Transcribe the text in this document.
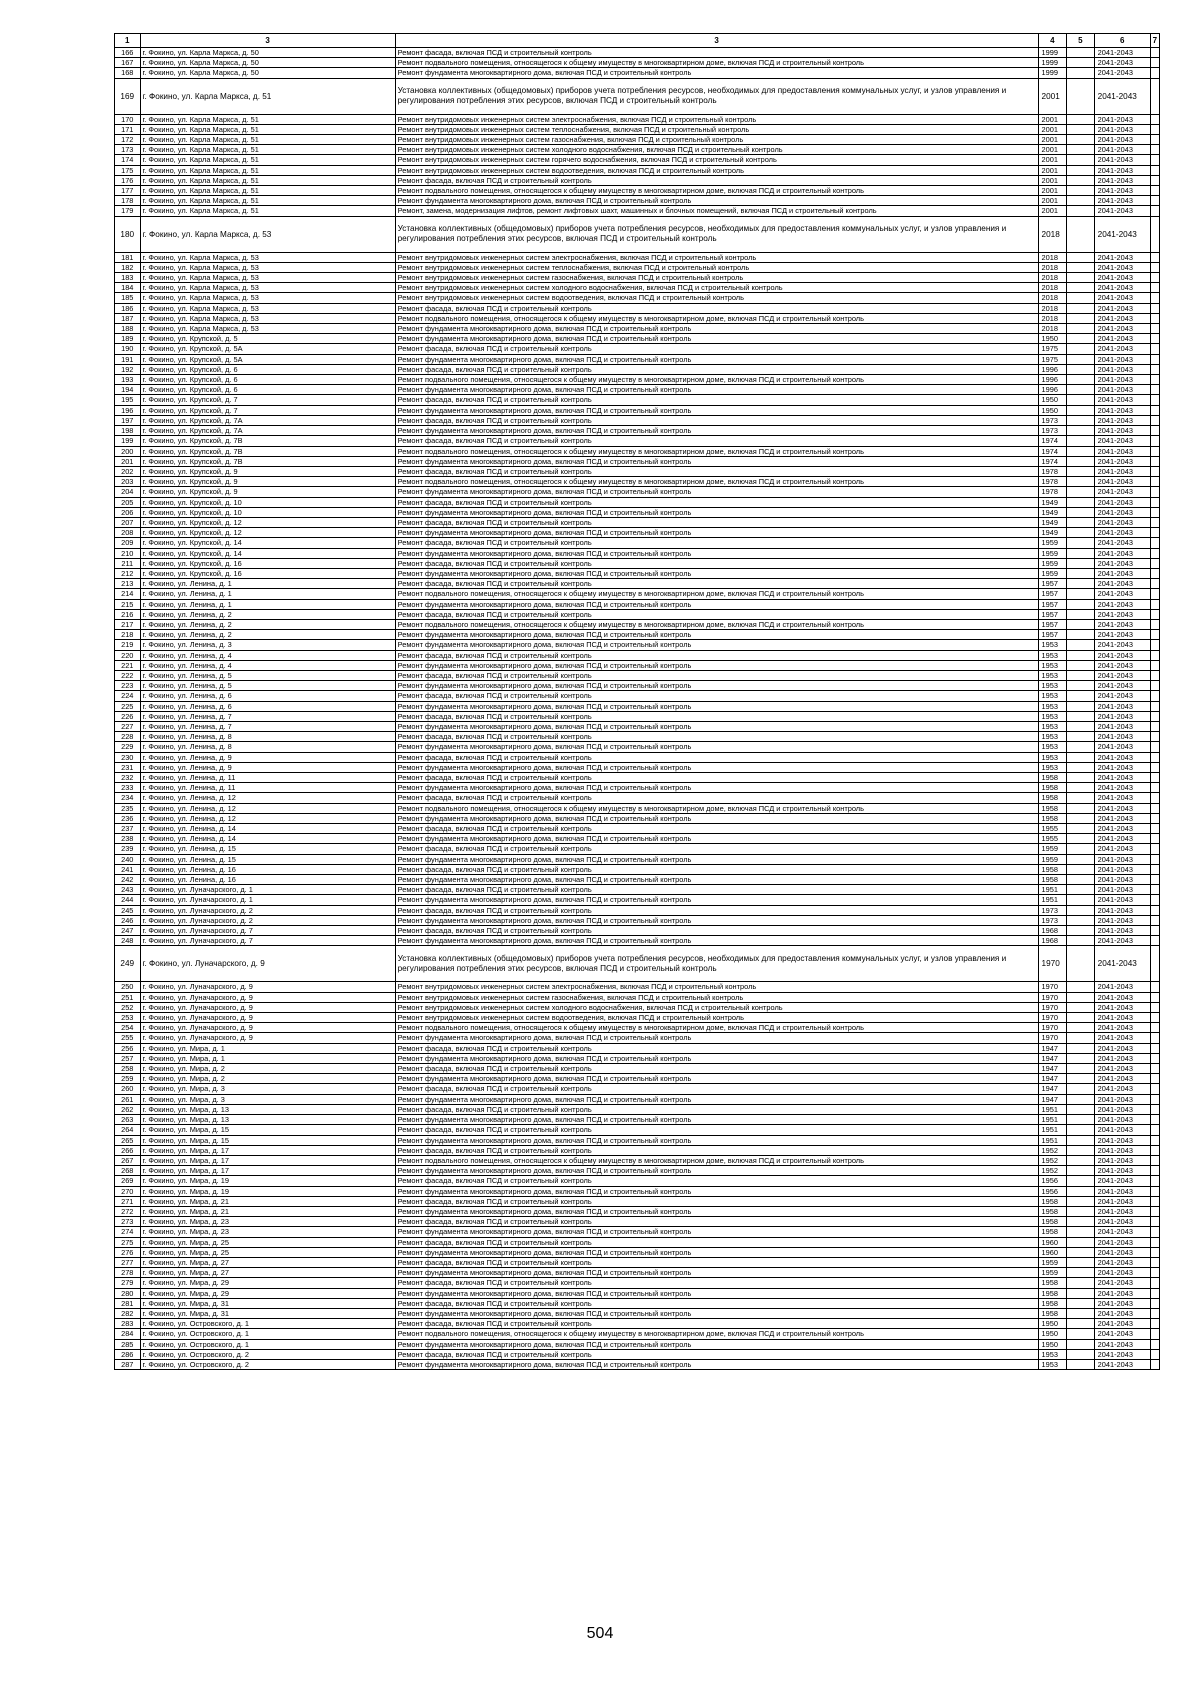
1	3	3	4	5	6	7
166	г. Фокино, ул. Карла Маркса, д. 50	Ремонт фасада, включая ПСД и строительный контроль	1999		2041-2043	
167	г. Фокино, ул. Карла Маркса, д. 50	Ремонт подвального помещения, относящегося к общему имуществу в многоквартирном доме, включая ПСД и строительный контроль	1999		2041-2043	
168	г. Фокино, ул. Карла Маркса, д. 50	Ремонт фундамента многоквартирного дома, включая ПСД и строительный контроль	1999		2041-2043	
169	г. Фокино, ул. Карла Маркса, д. 51	Установка коллективных (общедомовых) приборов учета потребления ресурсов, необходимых для предоставления коммунальных услуг, и узлов управления и регулирования потребления этих ресурсов, включая ПСД и строительный контроль	2001		2041-2043	
170	г. Фокино, ул. Карла Маркса, д. 51	Ремонт внутридомовых инженерных систем электроснабжения, включая ПСД и строительный контроль	2001		2041-2043	
171	г. Фокино, ул. Карла Маркса, д. 51	Ремонт внутридомовых инженерных систем теплоснабжения, включая ПСД и строительный контроль	2001		2041-2043	
172	г. Фокино, ул. Карла Маркса, д. 51	Ремонт внутридомовых инженерных систем газоснабжения, включая ПСД и строительный контроль	2001		2041-2043	
173	г. Фокино, ул. Карла Маркса, д. 51	Ремонт внутридомовых инженерных систем холодного водоснабжения, включая ПСД и строительный контроль	2001		2041-2043	
174	г. Фокино, ул. Карла Маркса, д. 51	Ремонт внутридомовых инженерных систем горячего водоснабжения, включая ПСД и строительный контроль	2001		2041-2043	
175	г. Фокино, ул. Карла Маркса, д. 51	Ремонт внутридомовых инженерных систем водоотведения, включая ПСД и строительный контроль	2001		2041-2043	
176	г. Фокино, ул. Карла Маркса, д. 51	Ремонт фасада, включая ПСД и строительный контроль	2001		2041-2043	
177	г. Фокино, ул. Карла Маркса, д. 51	Ремонт подвального помещения, относящегося к общему имуществу в многоквартирном доме, включая ПСД и строительный контроль	2001		2041-2043	
178	г. Фокино, ул. Карла Маркса, д. 51	Ремонт фундамента многоквартирного дома, включая ПСД и строительный контроль	2001		2041-2043	
179	г. Фокино, ул. Карла Маркса, д. 51	Ремонт, замена, модернизация лифтов, ремонт лифтовых шахт, машинных и блочных помещений, включая ПСД и строительный контроль	2001		2041-2043	
180	г. Фокино, ул. Карла Маркса, д. 53	Установка коллективных (общедомовых) приборов учета потребления ресурсов, необходимых для предоставления коммунальных услуг, и узлов управления и регулирования потребления этих ресурсов, включая ПСД и строительный контроль	2018		2041-2043	
181	г. Фокино, ул. Карла Маркса, д. 53	Ремонт внутридомовых инженерных систем электроснабжения, включая ПСД и строительный контроль	2018		2041-2043	
182	г. Фокино, ул. Карла Маркса, д. 53	Ремонт внутридомовых инженерных систем теплоснабжения, включая ПСД и строительный контроль	2018		2041-2043	
183	г. Фокино, ул. Карла Маркса, д. 53	Ремонт внутридомовых инженерных систем газоснабжения, включая ПСД и строительный контроль	2018		2041-2043	
184	г. Фокино, ул. Карла Маркса, д. 53	Ремонт внутридомовых инженерных систем холодного водоснабжения, включая ПСД и строительный контроль	2018		2041-2043	
185	г. Фокино, ул. Карла Маркса, д. 53	Ремонт внутридомовых инженерных систем водоотведения, включая ПСД и строительный контроль	2018		2041-2043	
186	г. Фокино, ул. Карла Маркса, д. 53	Ремонт фасада, включая ПСД и строительный контроль	2018		2041-2043	
187	г. Фокино, ул. Карла Маркса, д. 53	Ремонт подвального помещения, относящегося к общему имуществу в многоквартирном доме, включая ПСД и строительный контроль	2018		2041-2043	
188	г. Фокино, ул. Карла Маркса, д. 53	Ремонт фундамента многоквартирного дома, включая ПСД и строительный контроль	2018		2041-2043	
189	г. Фокино, ул. Крупской, д. 5	Ремонт фундамента многоквартирного дома, включая ПСД и строительный контроль	1950		2041-2043	
190	г. Фокино, ул. Крупской, д. 5А	Ремонт фасада, включая ПСД и строительный контроль	1975		2041-2043	
191	г. Фокино, ул. Крупской, д. 5А	Ремонт фундамента многоквартирного дома, включая ПСД и строительный контроль	1975		2041-2043	
192	г. Фокино, ул. Крупской, д. 6	Ремонт фасада, включая ПСД и строительный контроль	1996		2041-2043	
193	г. Фокино, ул. Крупской, д. 6	Ремонт подвального помещения, относящегося к общему имуществу в многоквартирном доме, включая ПСД и строительный контроль	1996		2041-2043	
194	г. Фокино, ул. Крупской, д. 6	Ремонт фундамента многоквартирного дома, включая ПСД и строительный контроль	1996		2041-2043	
195	г. Фокино, ул. Крупской, д. 7	Ремонт фасада, включая ПСД и строительный контроль	1950		2041-2043	
196	г. Фокино, ул. Крупской, д. 7	Ремонт фундамента многоквартирного дома, включая ПСД и строительный контроль	1950		2041-2043	
197	г. Фокино, ул. Крупской, д. 7А	Ремонт фасада, включая ПСД и строительный контроль	1973		2041-2043	
198	г. Фокино, ул. Крупской, д. 7А	Ремонт фундамента многоквартирного дома, включая ПСД и строительный контроль	1973		2041-2043	
199	г. Фокино, ул. Крупской, д. 7В	Ремонт фасада, включая ПСД и строительный контроль	1974		2041-2043	
200	г. Фокино, ул. Крупской, д. 7В	Ремонт подвального помещения, относящегося к общему имуществу в многоквартирном доме, включая ПСД и строительный контроль	1974		2041-2043	
201	г. Фокино, ул. Крупской, д. 7В	Ремонт фундамента многоквартирного дома, включая ПСД и строительный контроль	1974		2041-2043	
202	г. Фокино, ул. Крупской, д. 9	Ремонт фасада, включая ПСД и строительный контроль	1978		2041-2043	
203	г. Фокино, ул. Крупской, д. 9	Ремонт подвального помещения, относящегося к общему имуществу в многоквартирном доме, включая ПСД и строительный контроль	1978		2041-2043	
204	г. Фокино, ул. Крупской, д. 9	Ремонт фундамента многоквартирного дома, включая ПСД и строительный контроль	1978		2041-2043	
205	г. Фокино, ул. Крупской, д. 10	Ремонт фасада, включая ПСД и строительный контроль	1949		2041-2043	
206	г. Фокино, ул. Крупской, д. 10	Ремонт фундамента многоквартирного дома, включая ПСД и строительный контроль	1949		2041-2043	
207	г. Фокино, ул. Крупской, д. 12	Ремонт фасада, включая ПСД и строительный контроль	1949		2041-2043	
208	г. Фокино, ул. Крупской, д. 12	Ремонт фундамента многоквартирного дома, включая ПСД и строительный контроль	1949		2041-2043	
209	г. Фокино, ул. Крупской, д. 14	Ремонт фасада, включая ПСД и строительный контроль	1959		2041-2043	
210	г. Фокино, ул. Крупской, д. 14	Ремонт фундамента многоквартирного дома, включая ПСД и строительный контроль	1959		2041-2043	
211	г. Фокино, ул. Крупской, д. 16	Ремонт фасада, включая ПСД и строительный контроль	1959		2041-2043	
212	г. Фокино, ул. Крупской, д. 16	Ремонт фундамента многоквартирного дома, включая ПСД и строительный контроль	1959		2041-2043	
213	г. Фокино, ул. Ленина, д. 1	Ремонт фасада, включая ПСД и строительный контроль	1957		2041-2043	
214	г. Фокино, ул. Ленина, д. 1	Ремонт подвального помещения, относящегося к общему имуществу в многоквартирном доме, включая ПСД и строительный контроль	1957		2041-2043	
215	г. Фокино, ул. Ленина, д. 1	Ремонт фундамента многоквартирного дома, включая ПСД и строительный контроль	1957		2041-2043	
216	г. Фокино, ул. Ленина, д. 2	Ремонт фасада, включая ПСД и строительный контроль	1957		2041-2043	
217	г. Фокино, ул. Ленина, д. 2	Ремонт подвального помещения, относящегося к общему имуществу в многоквартирном доме, включая ПСД и строительный контроль	1957		2041-2043	
218	г. Фокино, ул. Ленина, д. 2	Ремонт фундамента многоквартирного дома, включая ПСД и строительный контроль	1957		2041-2043	
219	г. Фокино, ул. Ленина, д. 3	Ремонт фундамента многоквартирного дома, включая ПСД и строительный контроль	1953		2041-2043	
220	г. Фокино, ул. Ленина, д. 4	Ремонт фасада, включая ПСД и строительный контроль	1953		2041-2043	
221	г. Фокино, ул. Ленина, д. 4	Ремонт фундамента многоквартирного дома, включая ПСД и строительный контроль	1953		2041-2043	
222	г. Фокино, ул. Ленина, д. 5	Ремонт фасада, включая ПСД и строительный контроль	1953		2041-2043	
223	г. Фокино, ул. Ленина, д. 5	Ремонт фундамента многоквартирного дома, включая ПСД и строительный контроль	1953		2041-2043	
224	г. Фокино, ул. Ленина, д. 6	Ремонт фасада, включая ПСД и строительный контроль	1953		2041-2043	
225	г. Фокино, ул. Ленина, д. 6	Ремонт фундамента многоквартирного дома, включая ПСД и строительный контроль	1953		2041-2043	
226	г. Фокино, ул. Ленина, д. 7	Ремонт фасада, включая ПСД и строительный контроль	1953		2041-2043	
227	г. Фокино, ул. Ленина, д. 7	Ремонт фундамента многоквартирного дома, включая ПСД и строительный контроль	1953		2041-2043	
228	г. Фокино, ул. Ленина, д. 8	Ремонт фасада, включая ПСД и строительный контроль	1953		2041-2043	
229	г. Фокино, ул. Ленина, д. 8	Ремонт фундамента многоквартирного дома, включая ПСД и строительный контроль	1953		2041-2043	
230	г. Фокино, ул. Ленина, д. 9	Ремонт фасада, включая ПСД и строительный контроль	1953		2041-2043	
231	г. Фокино, ул. Ленина, д. 9	Ремонт фундамента многоквартирного дома, включая ПСД и строительный контроль	1953		2041-2043	
232	г. Фокино, ул. Ленина, д. 11	Ремонт фасада, включая ПСД и строительный контроль	1958		2041-2043	
233	г. Фокино, ул. Ленина, д. 11	Ремонт фундамента многоквартирного дома, включая ПСД и строительный контроль	1958		2041-2043	
234	г. Фокино, ул. Ленина, д. 12	Ремонт фасада, включая ПСД и строительный контроль	1958		2041-2043	
235	г. Фокино, ул. Ленина, д. 12	Ремонт подвального помещения, относящегося к общему имуществу в многоквартирном доме, включая ПСД и строительный контроль	1958		2041-2043	
236	г. Фокино, ул. Ленина, д. 12	Ремонт фундамента многоквартирного дома, включая ПСД и строительный контроль	1958		2041-2043	
237	г. Фокино, ул. Ленина, д. 14	Ремонт фасада, включая ПСД и строительный контроль	1955		2041-2043	
238	г. Фокино, ул. Ленина, д. 14	Ремонт фундамента многоквартирного дома, включая ПСД и строительный контроль	1955		2041-2043	
239	г. Фокино, ул. Ленина, д. 15	Ремонт фасада, включая ПСД и строительный контроль	1959		2041-2043	
240	г. Фокино, ул. Ленина, д. 15	Ремонт фундамента многоквартирного дома, включая ПСД и строительный контроль	1959		2041-2043	
241	г. Фокино, ул. Ленина, д. 16	Ремонт фасада, включая ПСД и строительный контроль	1958		2041-2043	
242	г. Фокино, ул. Ленина, д. 16	Ремонт фундамента многоквартирного дома, включая ПСД и строительный контроль	1958		2041-2043	
243	г. Фокино, ул. Луначарского, д. 1	Ремонт фасада, включая ПСД и строительный контроль	1951		2041-2043	
244	г. Фокино, ул. Луначарского, д. 1	Ремонт фундамента многоквартирного дома, включая ПСД и строительный контроль	1951		2041-2043	
245	г. Фокино, ул. Луначарского, д. 2	Ремонт фасада, включая ПСД и строительный контроль	1973		2041-2043	
246	г. Фокино, ул. Луначарского, д. 2	Ремонт фундамента многоквартирного дома, включая ПСД и строительный контроль	1973		2041-2043	
247	г. Фокино, ул. Луначарского, д. 7	Ремонт фасада, включая ПСД и строительный контроль	1968		2041-2043	
248	г. Фокино, ул. Луначарского, д. 7	Ремонт фундамента многоквартирного дома, включая ПСД и строительный контроль	1968		2041-2043	
249	г. Фокино, ул. Луначарского, д. 9	Установка коллективных (общедомовых) приборов учета потребления ресурсов, необходимых для предоставления коммунальных услуг, и узлов управления и регулирования потребления этих ресурсов, включая ПСД и строительный контроль	1970		2041-2043	
250	г. Фокино, ул. Луначарского, д. 9	Ремонт внутридомовых инженерных систем электроснабжения, включая ПСД и строительный контроль	1970		2041-2043	
251	г. Фокино, ул. Луначарского, д. 9	Ремонт внутридомовых инженерных систем газоснабжения, включая ПСД и строительный контроль	1970		2041-2043	
252	г. Фокино, ул. Луначарского, д. 9	Ремонт внутридомовых инженерных систем холодного водоснабжения, включая ПСД и строительный контроль	1970		2041-2043	
253	г. Фокино, ул. Луначарского, д. 9	Ремонт внутридомовых инженерных систем водоотведения, включая ПСД и строительный контроль	1970		2041-2043	
254	г. Фокино, ул. Луначарского, д. 9	Ремонт подвального помещения, относящегося к общему имуществу в многоквартирном доме, включая ПСД и строительный контроль	1970		2041-2043	
255	г. Фокино, ул. Луначарского, д. 9	Ремонт фундамента многоквартирного дома, включая ПСД и строительный контроль	1970		2041-2043	
256	г. Фокино, ул. Мира, д. 1	Ремонт фасада, включая ПСД и строительный контроль	1947		2041-2043	
257	г. Фокино, ул. Мира, д. 1	Ремонт фундамента многоквартирного дома, включая ПСД и строительный контроль	1947		2041-2043	
258	г. Фокино, ул. Мира, д. 2	Ремонт фасада, включая ПСД и строительный контроль	1947		2041-2043	
259	г. Фокино, ул. Мира, д. 2	Ремонт фундамента многоквартирного дома, включая ПСД и строительный контроль	1947		2041-2043	
260	г. Фокино, ул. Мира, д. 3	Ремонт фасада, включая ПСД и строительный контроль	1947		2041-2043	
261	г. Фокино, ул. Мира, д. 3	Ремонт фундамента многоквартирного дома, включая ПСД и строительный контроль	1947		2041-2043	
262	г. Фокино, ул. Мира, д. 13	Ремонт фасада, включая ПСД и строительный контроль	1951		2041-2043	
263	г. Фокино, ул. Мира, д. 13	Ремонт фундамента многоквартирного дома, включая ПСД и строительный контроль	1951		2041-2043	
264	г. Фокино, ул. Мира, д. 15	Ремонт фасада, включая ПСД и строительный контроль	1951		2041-2043	
265	г. Фокино, ул. Мира, д. 15	Ремонт фундамента многоквартирного дома, включая ПСД и строительный контроль	1951		2041-2043	
266	г. Фокино, ул. Мира, д. 17	Ремонт фасада, включая ПСД и строительный контроль	1952		2041-2043	
267	г. Фокино, ул. Мира, д. 17	Ремонт подвального помещения, относящегося к общему имуществу в многоквартирном доме, включая ПСД и строительный контроль	1952		2041-2043	
268	г. Фокино, ул. Мира, д. 17	Ремонт фундамента многоквартирного дома, включая ПСД и строительный контроль	1952		2041-2043	
269	г. Фокино, ул. Мира, д. 19	Ремонт фасада, включая ПСД и строительный контроль	1956		2041-2043	
270	г. Фокино, ул. Мира, д. 19	Ремонт фундамента многоквартирного дома, включая ПСД и строительный контроль	1956		2041-2043	
271	г. Фокино, ул. Мира, д. 21	Ремонт фасада, включая ПСД и строительный контроль	1958		2041-2043	
272	г. Фокино, ул. Мира, д. 21	Ремонт фундамента многоквартирного дома, включая ПСД и строительный контроль	1958		2041-2043	
273	г. Фокино, ул. Мира, д. 23	Ремонт фасада, включая ПСД и строительный контроль	1958		2041-2043	
274	г. Фокино, ул. Мира, д. 23	Ремонт фундамента многоквартирного дома, включая ПСД и строительный контроль	1958		2041-2043	
275	г. Фокино, ул. Мира, д. 25	Ремонт фасада, включая ПСД и строительный контроль	1960		2041-2043	
276	г. Фокино, ул. Мира, д. 25	Ремонт фундамента многоквартирного дома, включая ПСД и строительный контроль	1960		2041-2043	
277	г. Фокино, ул. Мира, д. 27	Ремонт фасада, включая ПСД и строительный контроль	1959		2041-2043	
278	г. Фокино, ул. Мира, д. 27	Ремонт фундамента многоквартирного дома, включая ПСД и строительный контроль	1959		2041-2043	
279	г. Фокино, ул. Мира, д. 29	Ремонт фасада, включая ПСД и строительный контроль	1958		2041-2043	
280	г. Фокино, ул. Мира, д. 29	Ремонт фундамента многоквартирного дома, включая ПСД и строительный контроль	1958		2041-2043	
281	г. Фокино, ул. Мира, д. 31	Ремонт фасада, включая ПСД и строительный контроль	1958		2041-2043	
282	г. Фокино, ул. Мира, д. 31	Ремонт фундамента многоквартирного дома, включая ПСД и строительный контроль	1958		2041-2043	
283	г. Фокино, ул. Островского, д. 1	Ремонт фасада, включая ПСД и строительный контроль	1950		2041-2043	
284	г. Фокино, ул. Островского, д. 1	Ремонт подвального помещения, относящегося к общему имуществу в многоквартирном доме, включая ПСД и строительный контроль	1950		2041-2043	
285	г. Фокино, ул. Островского, д. 1	Ремонт фундамента многоквартирного дома, включая ПСД и строительный контроль	1950		2041-2043	
286	г. Фокино, ул. Островского, д. 2	Ремонт фасада, включая ПСД и строительный контроль	1953		2041-2043	
287	г. Фокино, ул. Островского, д. 2	Ремонт фундамента многоквартирного дома, включая ПСД и строительный контроль	1953		2041-2043	
504
